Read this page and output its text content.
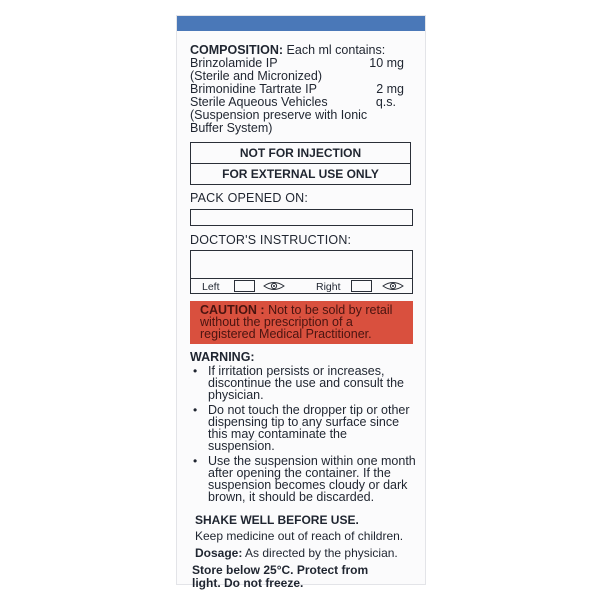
COMPOSITION: Each ml contains:
Brinzolamide IP	10 mg
(Sterile and Micronized)
Brimonidine Tartrate IP	2 mg
Sterile Aqueous Vehicles	q.s.
(Suspension preserve with Ionic
Buffer System)
NOT FOR INJECTION
FOR EXTERNAL USE ONLY
PACK OPENED ON:
DOCTOR'S INSTRUCTION:
Left	Right
CAUTION : Not to be sold by retail without the prescription of a registered Medical Practitioner.
WARNING:
• If irritation persists or increases, discontinue the use and consult the physician.
• Do not touch the dropper tip or other dispensing tip to any surface since this may contaminate the suspension.
• Use the suspension within one month after opening the container. If the suspension becomes cloudy or dark brown, it should be discarded.
SHAKE WELL BEFORE USE.
Keep medicine out of reach of children.
Dosage: As directed by the physician.
Store below 25°C. Protect from
light. Do not freeze.
